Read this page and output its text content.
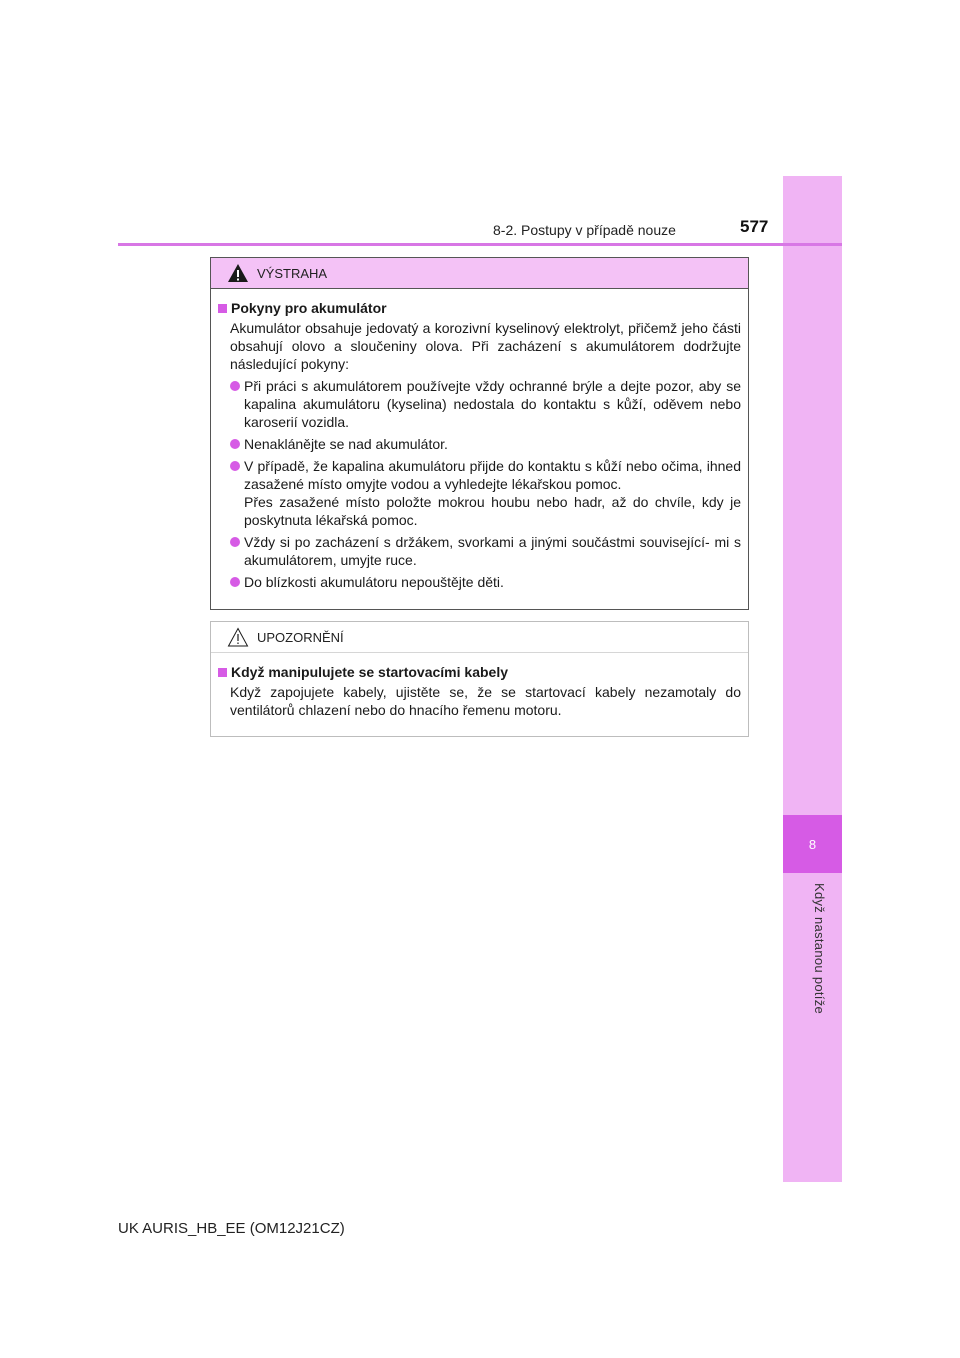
8
Když nastanou potíže
8-2. Postupy v případě nouze	577
VÝSTRAHA
Pokyny pro akumulátor
Akumulátor obsahuje jedovatý a korozivní kyselinový elektrolyt, přičemž jeho části obsahují olovo a sloučeniny olova. Při zacházení s akumulátorem dodržujte následující pokyny:
Při práci s akumulátorem používejte vždy ochranné brýle a dejte pozor, aby se kapalina akumulátoru (kyselina) nedostala do kontaktu s kůží, oděvem nebo karoserií vozidla.
Nenaklánějte se nad akumulátor.
V případě, že kapalina akumulátoru přijde do kontaktu s kůží nebo očima, ihned zasažené místo omyjte vodou a vyhledejte lékařskou pomoc.
Přes zasažené místo položte mokrou houbu nebo hadr, až do chvíle, kdy je poskytnuta lékařská pomoc.
Vždy si po zacházení s držákem, svorkami a jinými součástmi související- mi s akumulátorem, umyjte ruce.
Do blízkosti akumulátoru nepouštějte děti.
UPOZORNĚNÍ
Když manipulujete se startovacími kabely
Když zapojujete kabely, ujistěte se, že se startovací kabely nezamotaly do ventilátorů chlazení nebo do hnacího řemenu motoru.
UK AURIS_HB_EE (OM12J21CZ)
